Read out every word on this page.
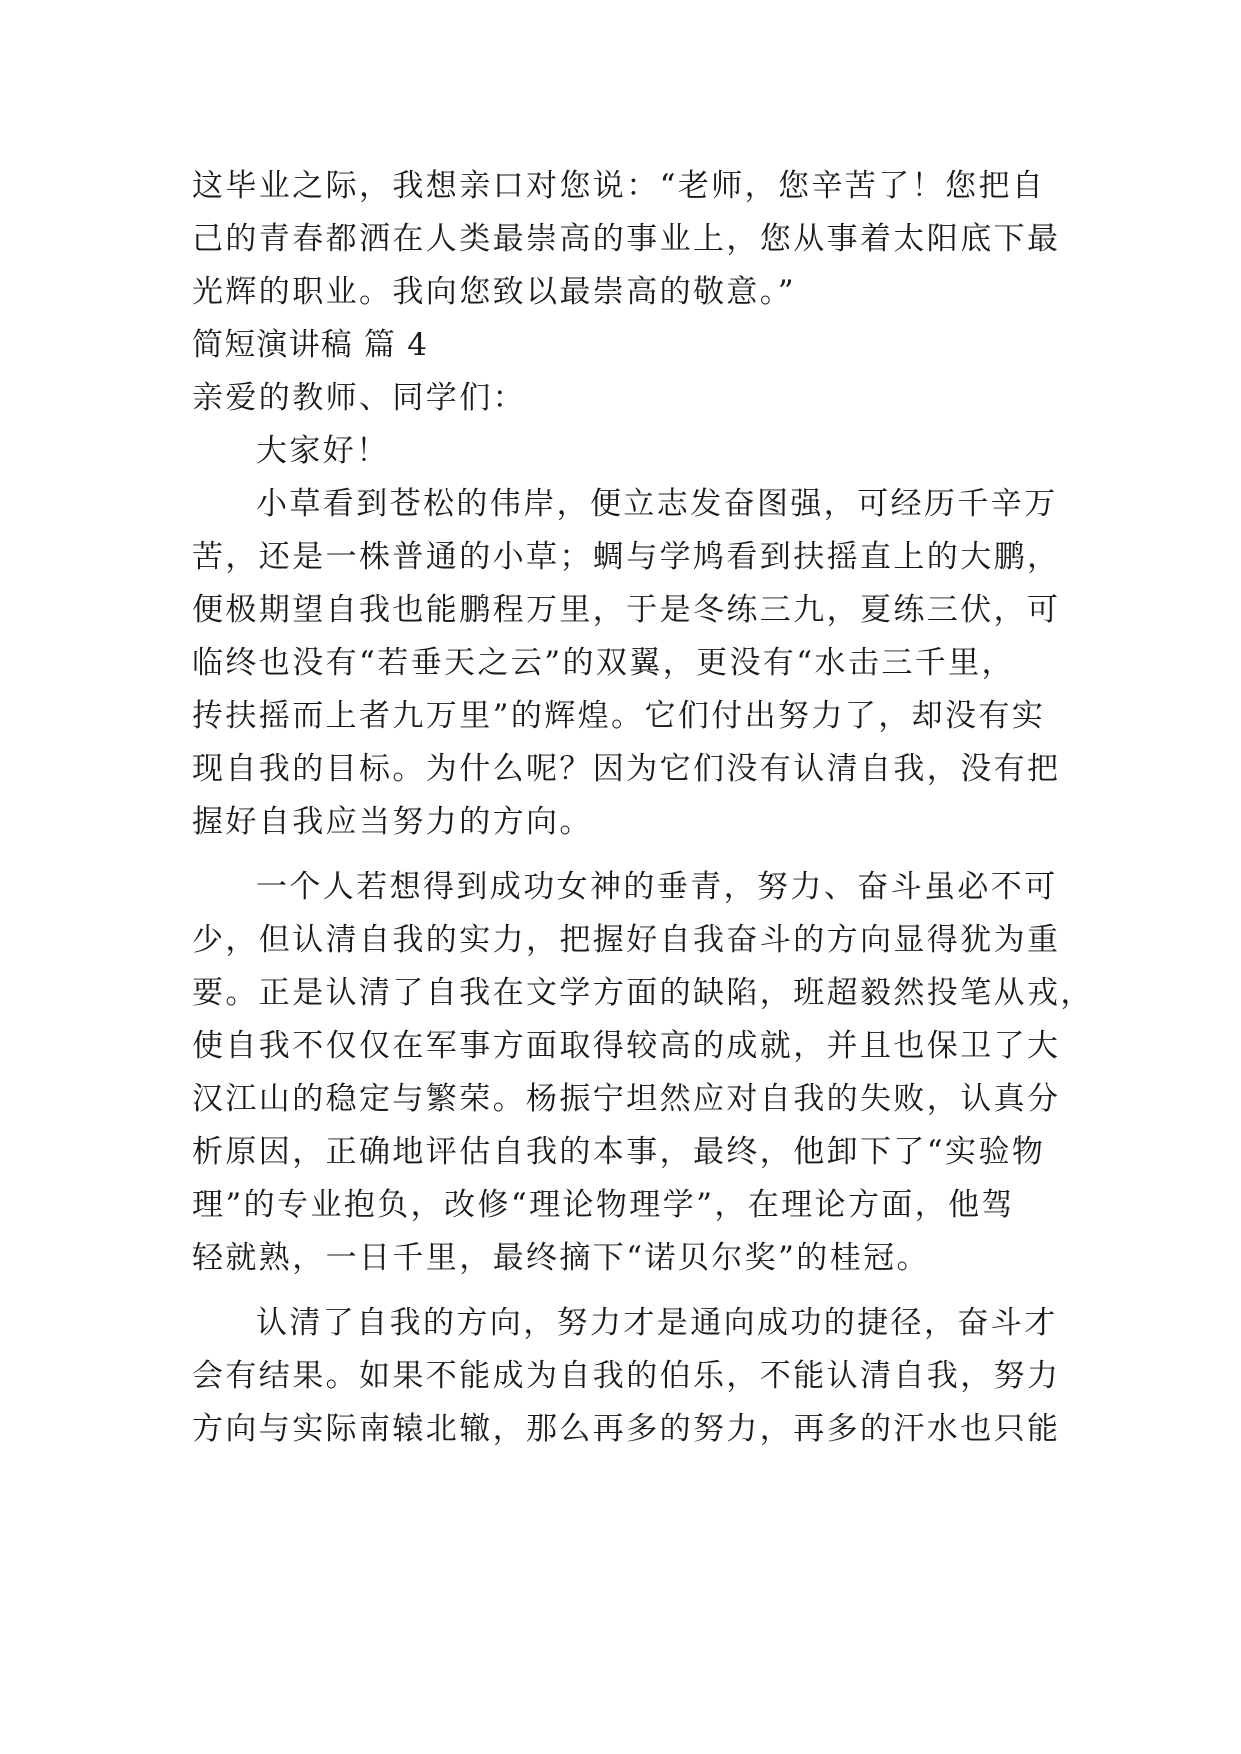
这毕业之际，我想亲口对您说：“老师，您辛苦了！您把自
己的青春都洒在人类最崇高的事业上，您从事着太阳底下最
光辉的职业。我向您致以最崇高的敬意。”
简短演讲稿 篇 4
亲爱的教师、同学们：
大家好！
小草看到苍松的伟岸，便立志发奋图强，可经历千辛万
苦，还是一株普通的小草；蜩与学鸠看到扶摇直上的大鹏，
便极期望自我也能鹏程万里，于是冬练三九，夏练三伏，可
临终也没有“若垂天之云”的双翼，更没有“水击三千里，
抟扶摇而上者九万里”的辉煌。它们付出努力了，却没有实
现自我的目标。为什么呢？因为它们没有认清自我，没有把
握好自我应当努力的方向。
一个人若想得到成功女神的垂青，努力、奋斗虽必不可
少，但认清自我的实力，把握好自我奋斗的方向显得犹为重
要。正是认清了自我在文学方面的缺陷，班超毅然投笔从戎，
使自我不仅仅在军事方面取得较高的成就，并且也保卫了大
汉江山的稳定与繁荣。杨振宁坦然应对自我的失败，认真分
析原因，正确地评估自我的本事，最终，他卸下了“实验物
理”的专业抱负，改修“理论物理学”，在理论方面，他驾
轻就熟，一日千里，最终摘下“诺贝尔奖”的桂冠。
认清了自我的方向，努力才是通向成功的捷径，奋斗才
会有结果。如果不能成为自我的伯乐，不能认清自我，努力
方向与实际南辕北辙，那么再多的努力，再多的汗水也只能
